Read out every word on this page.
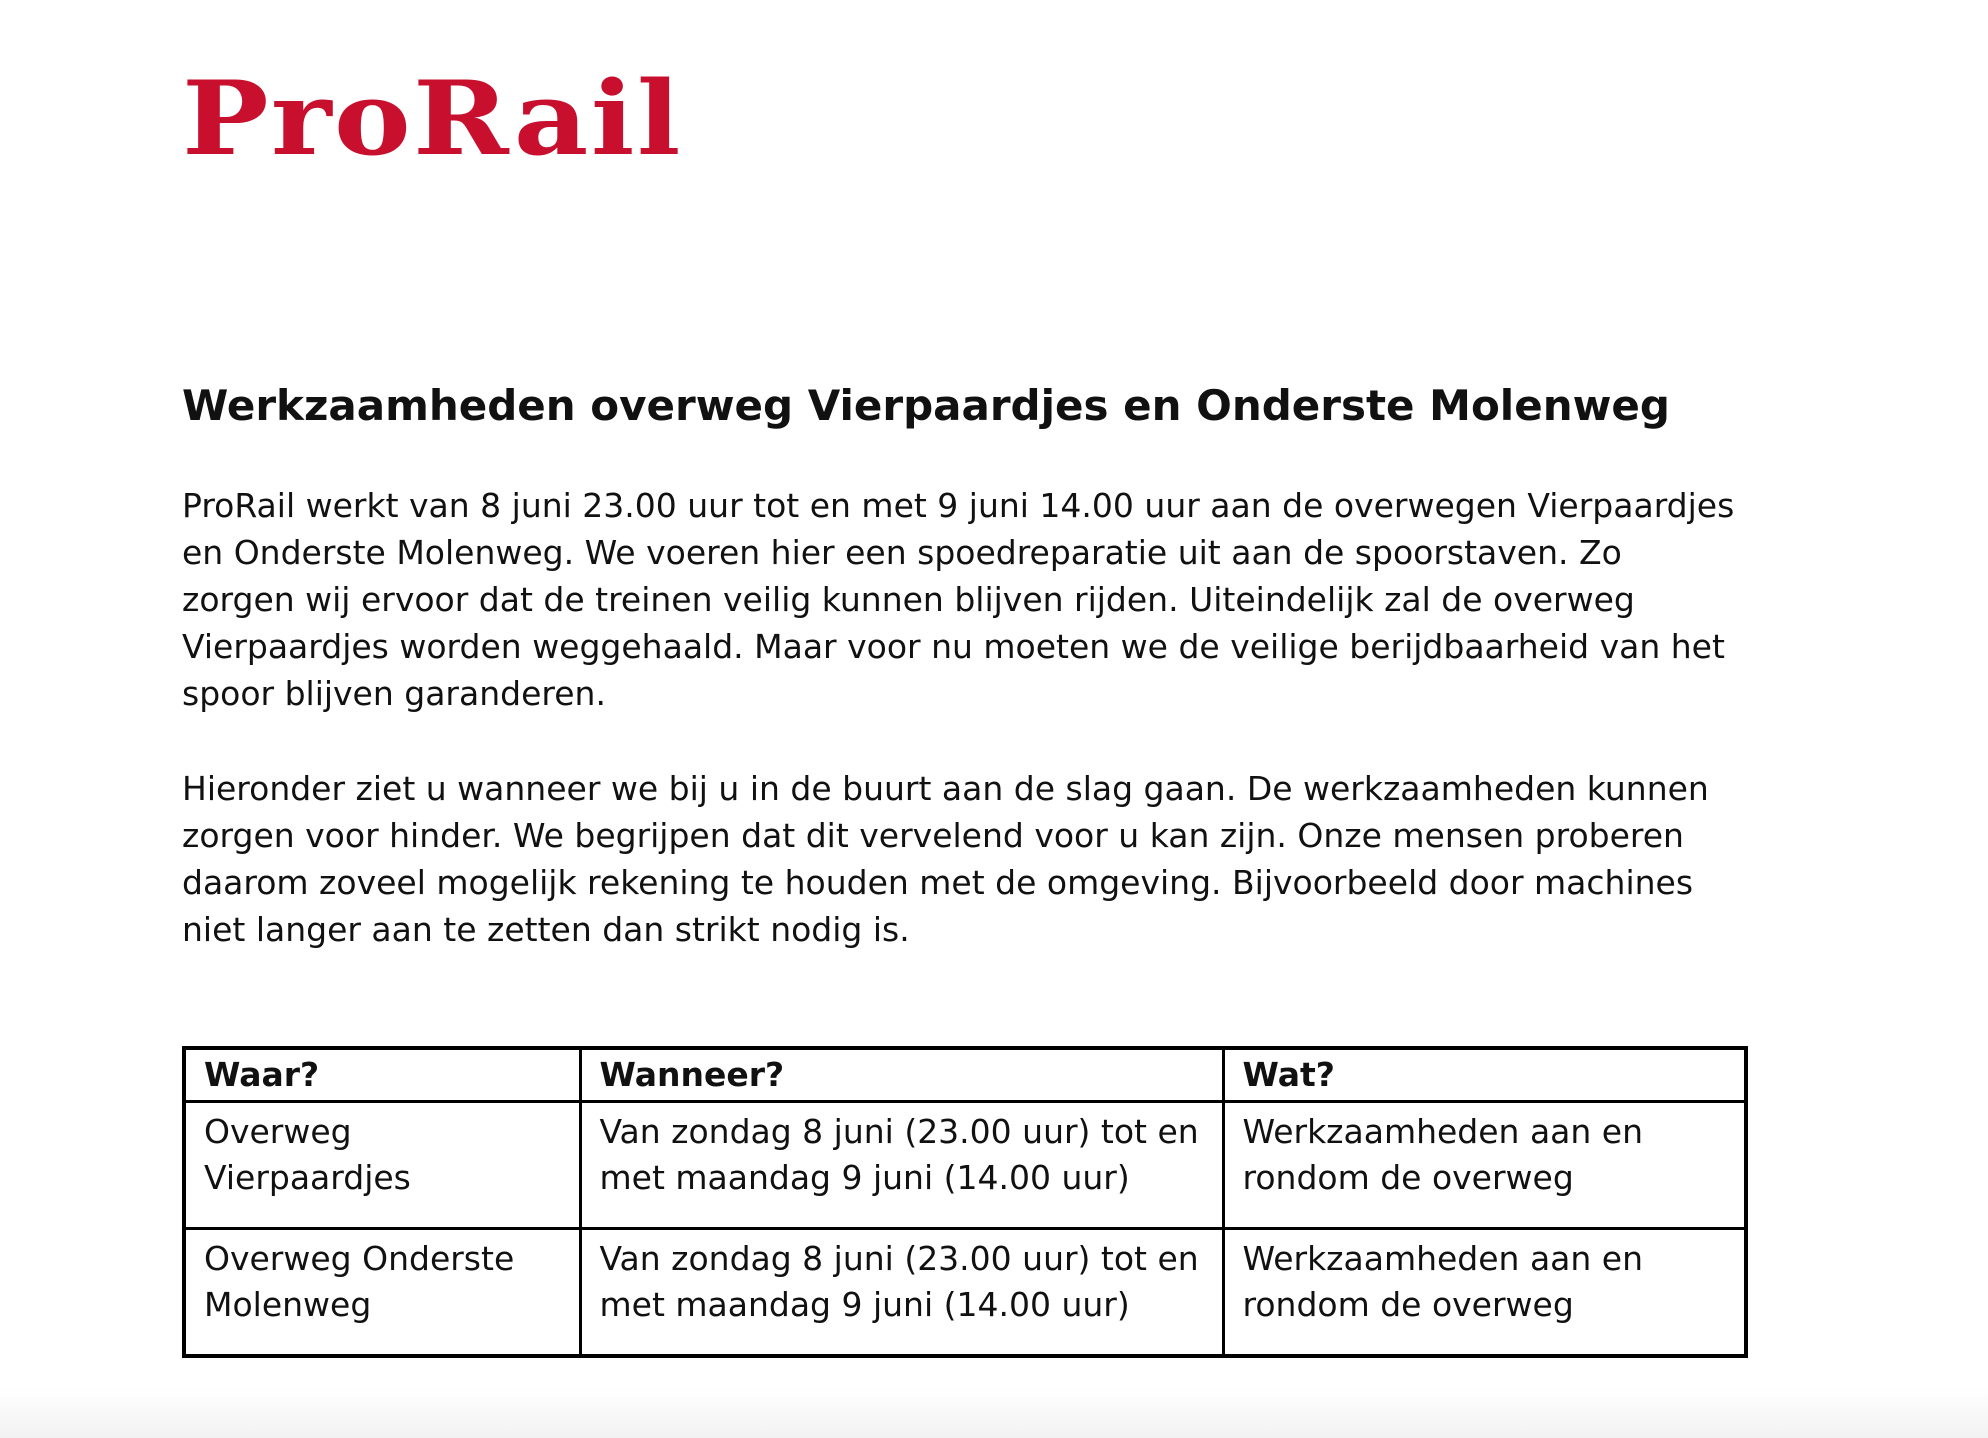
ProRail
Werkzaamheden overweg Vierpaardjes en Onderste Molenweg

ProRail werkt van 8 juni 23.00 uur tot en met 9 juni 14.00 uur aan de overwegen Vierpaardjes en Onderste Molenweg. We voeren hier een spoedreparatie uit aan de spoorstaven. Zo zorgen wij ervoor dat de treinen veilig kunnen blijven rijden. Uiteindelijk zal de overweg Vierpaardjes worden weggehaald. Maar voor nu moeten we de veilige berijdbaarheid van het spoor blijven garanderen.

Hieronder ziet u wanneer we bij u in de buurt aan de slag gaan. De werkzaamheden kunnen zorgen voor hinder. We begrijpen dat dit vervelend voor u kan zijn. Onze mensen proberen daarom zoveel mogelijk rekening te houden met de omgeving. Bijvoorbeeld door machines niet langer aan te zetten dan strikt nodig is.

Waar?	Wanneer?	Wat?
Overweg Vierpaardjes	Van zondag 8 juni (23.00 uur) tot en met maandag 9 juni (14.00 uur)	Werkzaamheden aan en rondom de overweg
Overweg Onderste Molenweg	Van zondag 8 juni (23.00 uur) tot en met maandag 9 juni (14.00 uur)	Werkzaamheden aan en rondom de overweg
